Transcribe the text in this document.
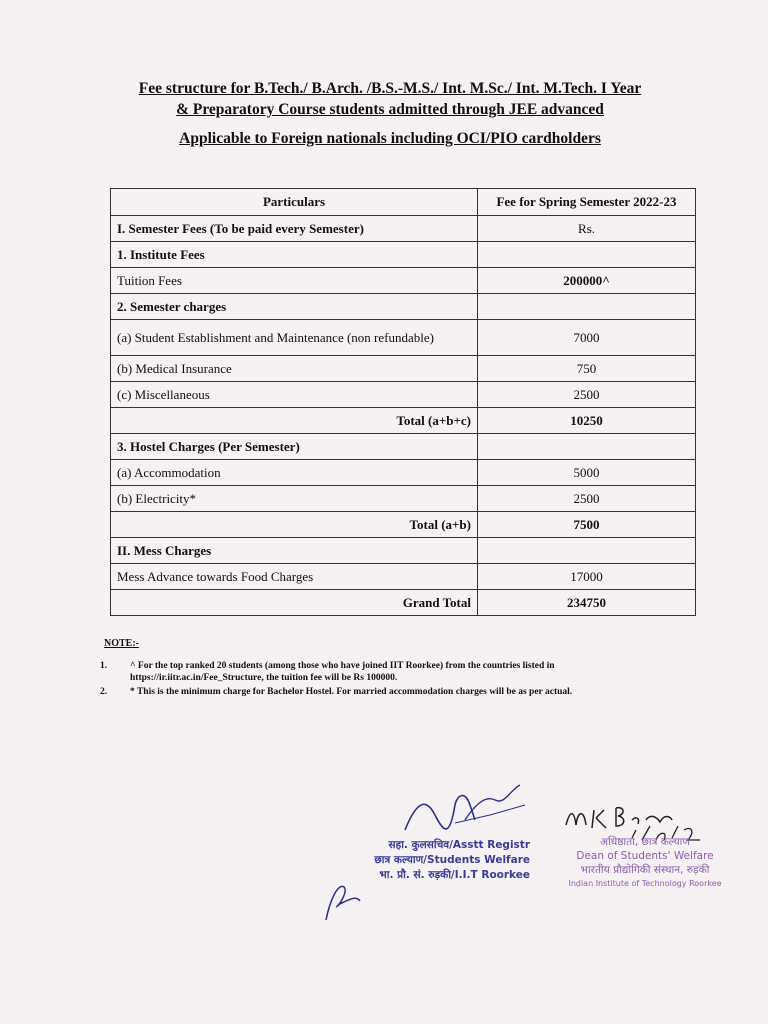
Fee structure for B.Tech./ B.Arch. /B.S.-M.S./ Int. M.Sc./ Int. M.Tech. I Year
& Preparatory Course students admitted through JEE advanced
Applicable to Foreign nationals including OCI/PIO cardholders
Particulars	Fee for Spring Semester 2022-23
I. Semester Fees (To be paid every Semester)	Rs.
1. Institute Fees	
Tuition Fees	200000^
2. Semester charges	
(a) Student Establishment and Maintenance (non refundable)	7000
(b) Medical Insurance	750
(c) Miscellaneous	2500
Total (a+b+c)	10250
3. Hostel Charges (Per Semester)	
(a) Accommodation	5000
(b) Electricity*	2500
Total (a+b)	7500
II. Mess Charges	
Mess Advance towards Food Charges	17000
Grand Total	234750
NOTE:-
1. ^ For the top ranked 20 students (among those who have joined IIT Roorkee) from the countries listed in https://ir.iitr.ac.in/Fee_Structure, the tuition fee will be Rs 100000.
2. * This is the minimum charge for Bachelor Hostel. For married accommodation charges will be as per actual.
सहा. कुलसचिव/Asstt Registr
छात्र कल्याण/Students Welfare
भा. प्रौ. सं. रुड़की/I.I.T Roorkee
अधिष्ठाता, छात्र कल्याण
Dean of Students' Welfare
भारतीय प्रौद्योगिकी संस्थान, रुड़की
Indian Institute of Technology Roorkee
